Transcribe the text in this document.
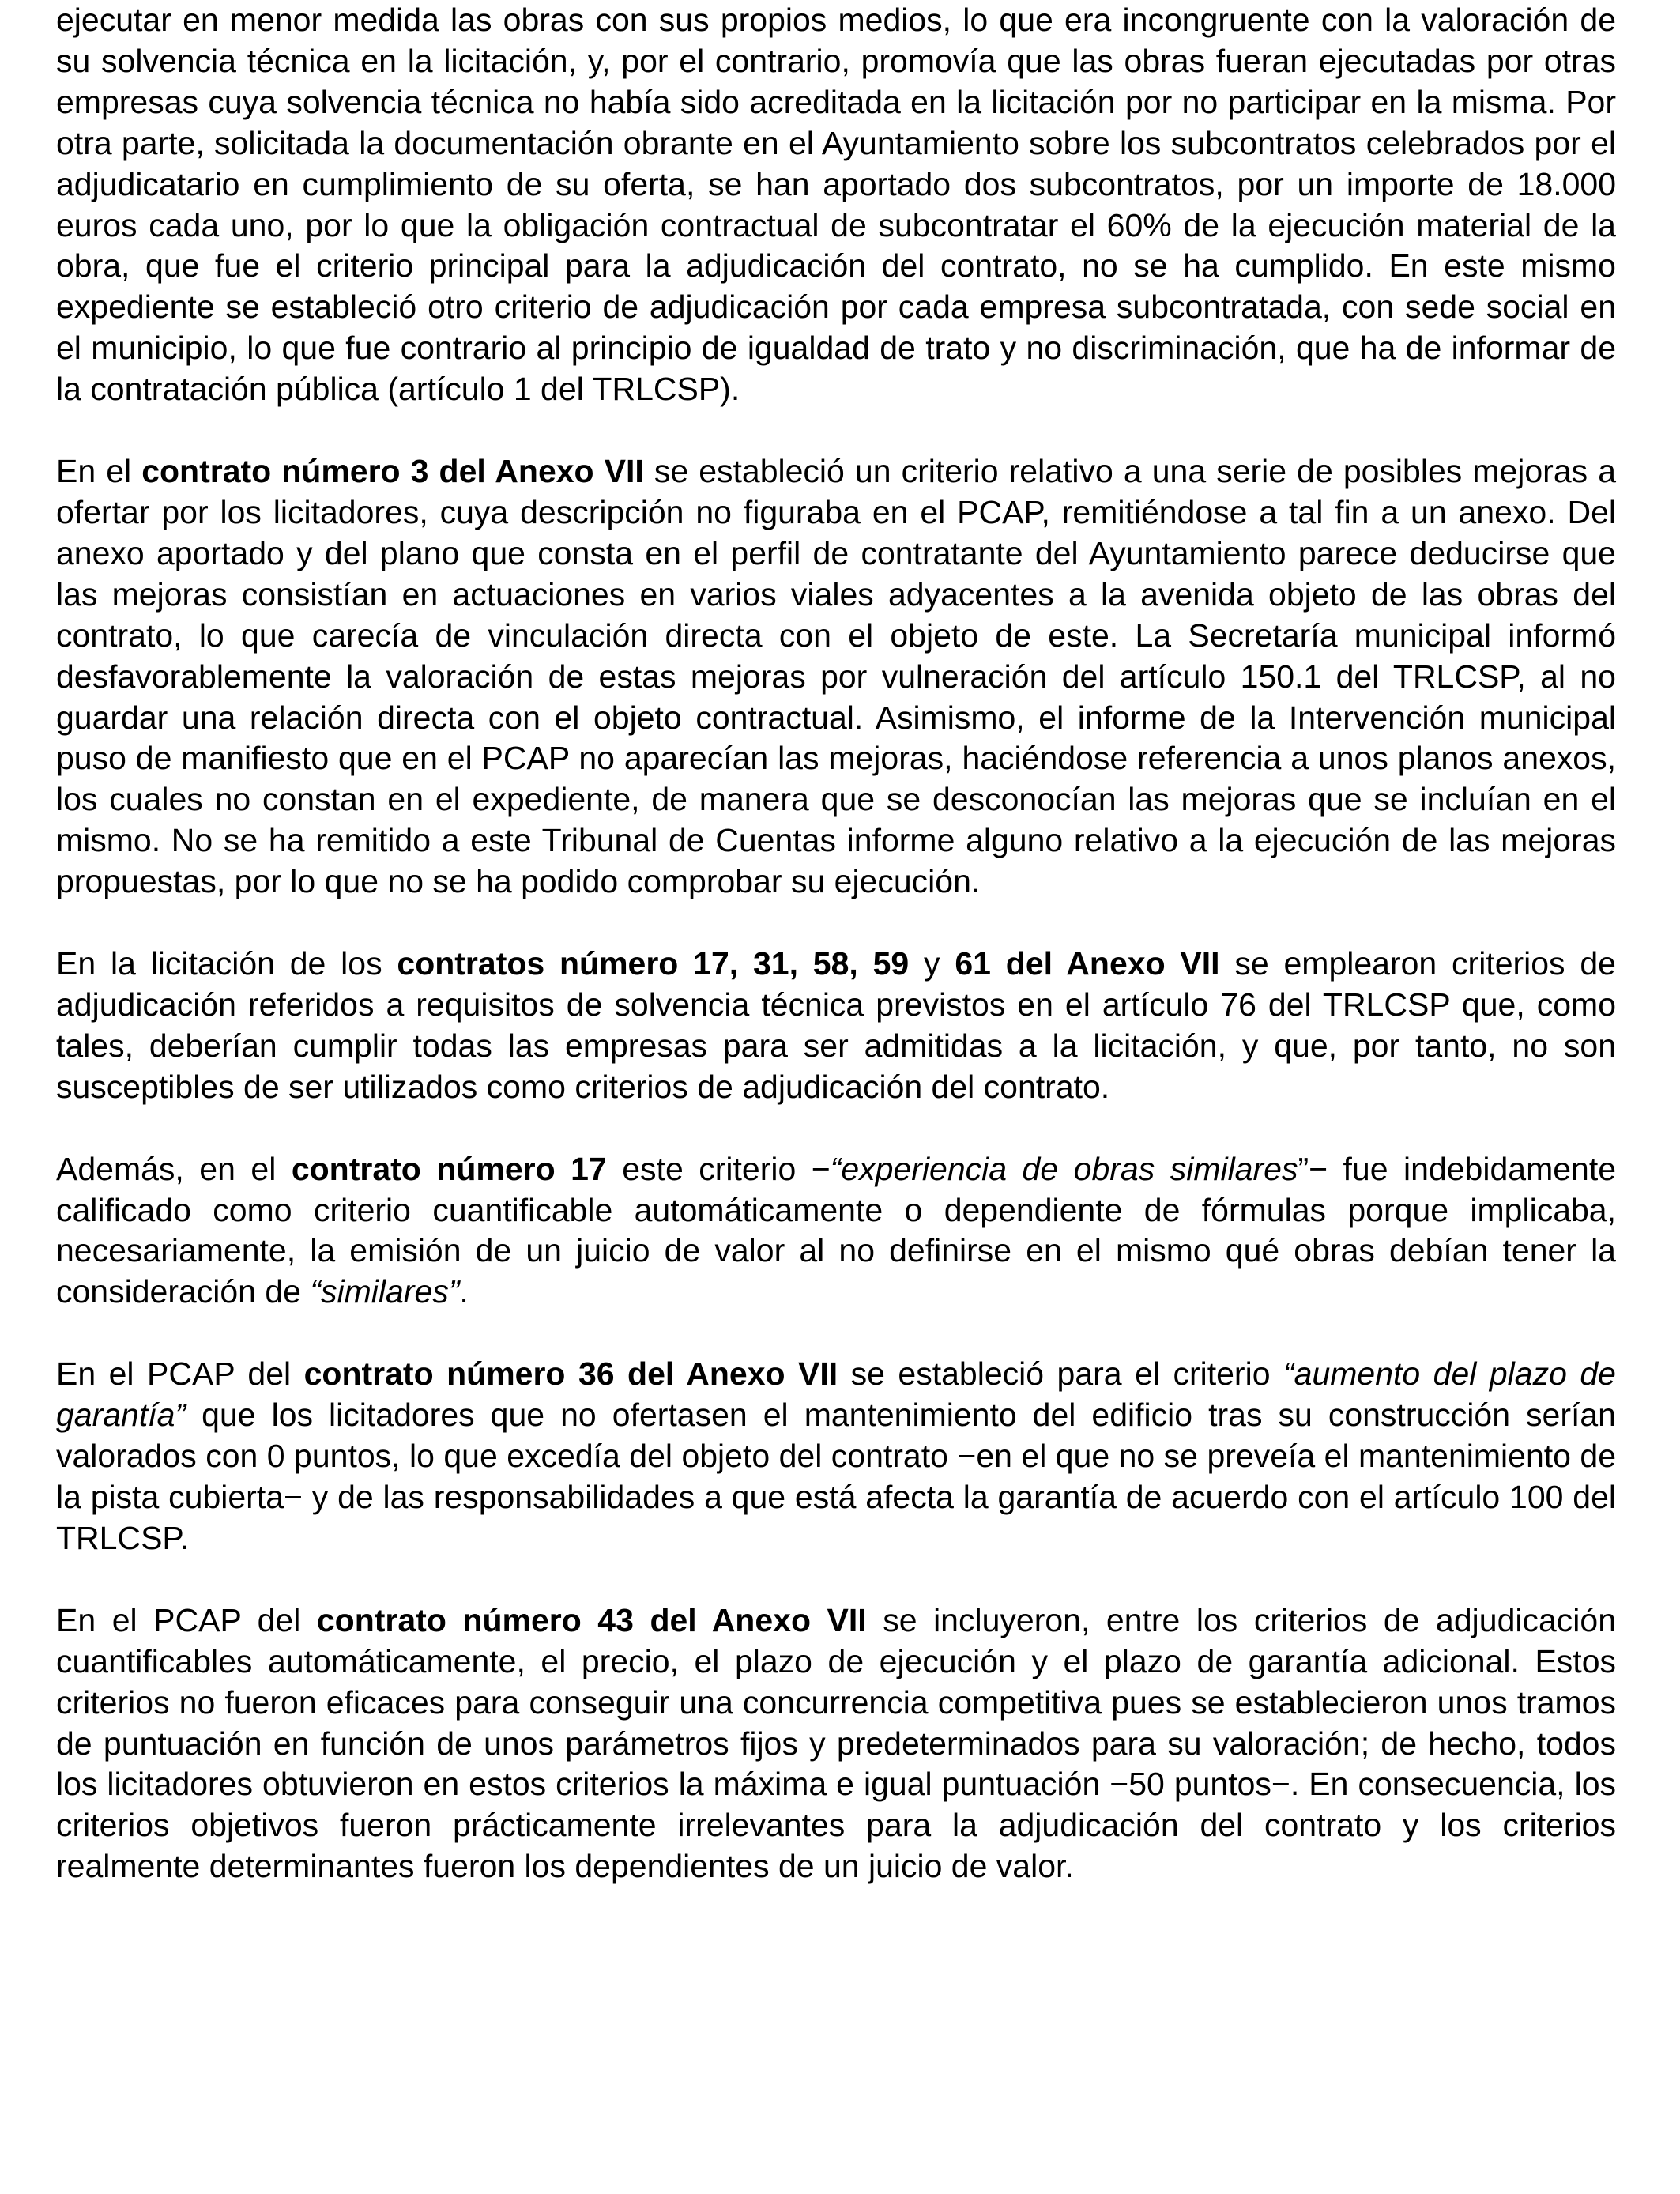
ejecutar en menor medida las obras con sus propios medios, lo que era incongruente con la valoración de su solvencia técnica en la licitación, y, por el contrario, promovía que las obras fueran ejecutadas por otras empresas cuya solvencia técnica no había sido acreditada en la licitación por no participar en la misma. Por otra parte, solicitada la documentación obrante en el Ayuntamiento sobre los subcontratos celebrados por el adjudicatario en cumplimiento de su oferta, se han aportado dos subcontratos, por un importe de 18.000 euros cada uno, por lo que la obligación contractual de subcontratar el 60% de la ejecución material de la obra, que fue el criterio principal para la adjudicación del contrato, no se ha cumplido. En este mismo expediente se estableció otro criterio de adjudicación por cada empresa subcontratada, con sede social en el municipio, lo que fue contrario al principio de igualdad de trato y no discriminación, que ha de informar de la contratación pública (artículo 1 del TRLCSP).

En el contrato número 3 del Anexo VII se estableció un criterio relativo a una serie de posibles mejoras a ofertar por los licitadores, cuya descripción no figuraba en el PCAP, remitiéndose a tal fin a un anexo. Del anexo aportado y del plano que consta en el perfil de contratante del Ayuntamiento parece deducirse que las mejoras consistían en actuaciones en varios viales adyacentes a la avenida objeto de las obras del contrato, lo que carecía de vinculación directa con el objeto de este. La Secretaría municipal informó desfavorablemente la valoración de estas mejoras por vulneración del artículo 150.1 del TRLCSP, al no guardar una relación directa con el objeto contractual. Asimismo, el informe de la Intervención municipal puso de manifiesto que en el PCAP no aparecían las mejoras, haciéndose referencia a unos planos anexos, los cuales no constan en el expediente, de manera que se desconocían las mejoras que se incluían en el mismo. No se ha remitido a este Tribunal de Cuentas informe alguno relativo a la ejecución de las mejoras propuestas, por lo que no se ha podido comprobar su ejecución.

En la licitación de los contratos número 17, 31, 58, 59 y 61 del Anexo VII se emplearon criterios de adjudicación referidos a requisitos de solvencia técnica previstos en el artículo 76 del TRLCSP que, como tales, deberían cumplir todas las empresas para ser admitidas a la licitación, y que, por tanto, no son susceptibles de ser utilizados como criterios de adjudicación del contrato.

Además, en el contrato número 17 este criterio −“experiencia de obras similares”− fue indebidamente calificado como criterio cuantificable automáticamente o dependiente de fórmulas porque implicaba, necesariamente, la emisión de un juicio de valor al no definirse en el mismo qué obras debían tener la consideración de “similares”.

En el PCAP del contrato número 36 del Anexo VII se estableció para el criterio “aumento del plazo de garantía” que los licitadores que no ofertasen el mantenimiento del edificio tras su construcción serían valorados con 0 puntos, lo que excedía del objeto del contrato −en el que no se preveía el mantenimiento de la pista cubierta− y de las responsabilidades a que está afecta la garantía de acuerdo con el artículo 100 del TRLCSP.

En el PCAP del contrato número 43 del Anexo VII se incluyeron, entre los criterios de adjudicación cuantificables automáticamente, el precio, el plazo de ejecución y el plazo de garantía adicional. Estos criterios no fueron eficaces para conseguir una concurrencia competitiva pues se establecieron unos tramos de puntuación en función de unos parámetros fijos y predeterminados para su valoración; de hecho, todos los licitadores obtuvieron en estos criterios la máxima e igual puntuación −50 puntos−. En consecuencia, los criterios objetivos fueron prácticamente irrelevantes para la adjudicación del contrato y los criterios realmente determinantes fueron los dependientes de un juicio de valor.
